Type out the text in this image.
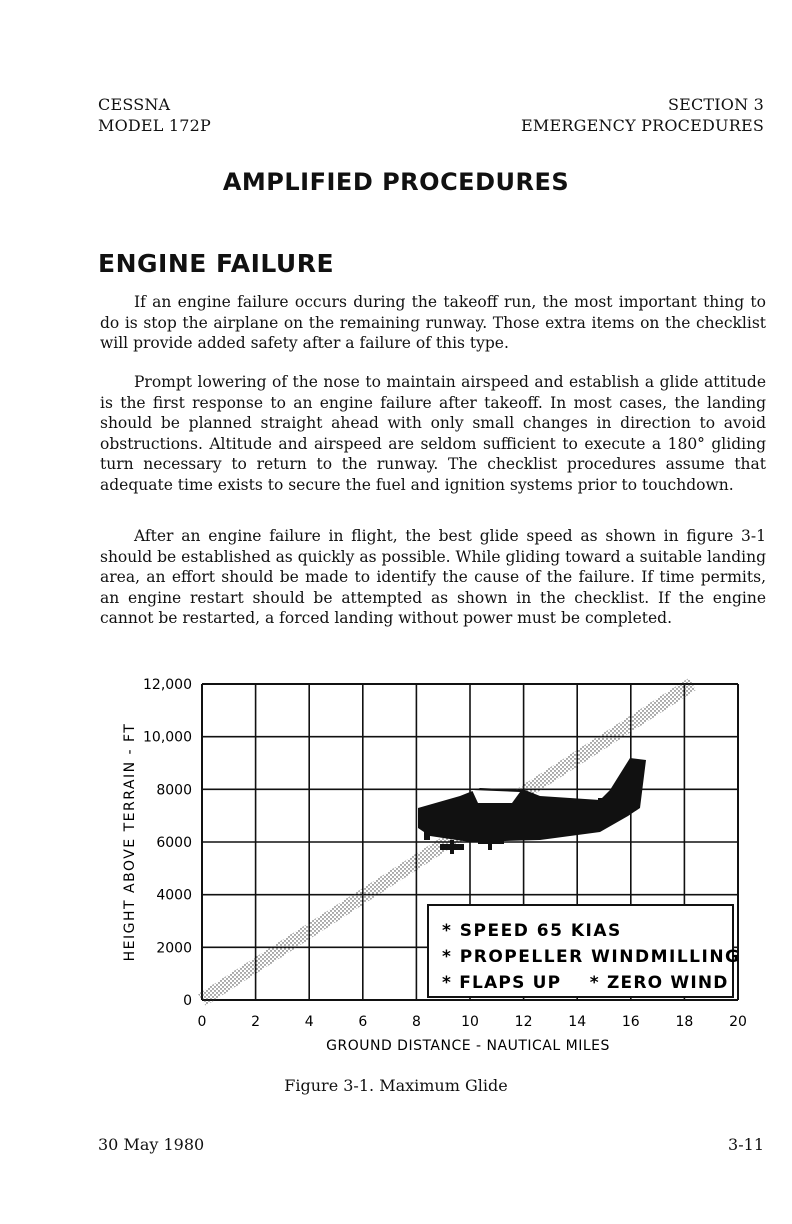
CESSNA
MODEL 172P
SECTION 3
EMERGENCY PROCEDURES
AMPLIFIED PROCEDURES
ENGINE FAILURE

If an engine failure occurs during the takeoff run, the most important thing to do is stop the airplane on the remaining runway. Those extra items on the checklist will provide added safety after a failure of this type.

Prompt lowering of the nose to maintain airspeed and establish a glide attitude is the first response to an engine failure after takeoff. In most cases, the landing should be planned straight ahead with only small changes in direction to avoid obstructions. Altitude and airspeed are seldom sufficient to execute a 180° gliding turn necessary to return to the runway. The checklist procedures assume that adequate time exists to secure the fuel and ignition systems prior to touchdown.

After an engine failure in flight, the best glide speed as shown in figure 3-1 should be established as quickly as possible. While gliding toward a suitable landing area, an effort should be made to identify the cause of the failure. If time permits, an engine restart should be attempted as shown in the checklist. If the engine cannot be restarted, a forced landing without power must be completed.

* SPEED 65 KIAS
* PROPELLER WINDMILLING
* FLAPS UP    * ZERO WIND
0	2	4	6	8	10	12	14	16	18	20
0
2000
4000
6000
8000
10,000
12,000
GROUND DISTANCE - NAUTICAL MILES
HEIGHT ABOVE TERRAIN - FT
Figure 3-1. Maximum Glide
30 May 1980	3-11
